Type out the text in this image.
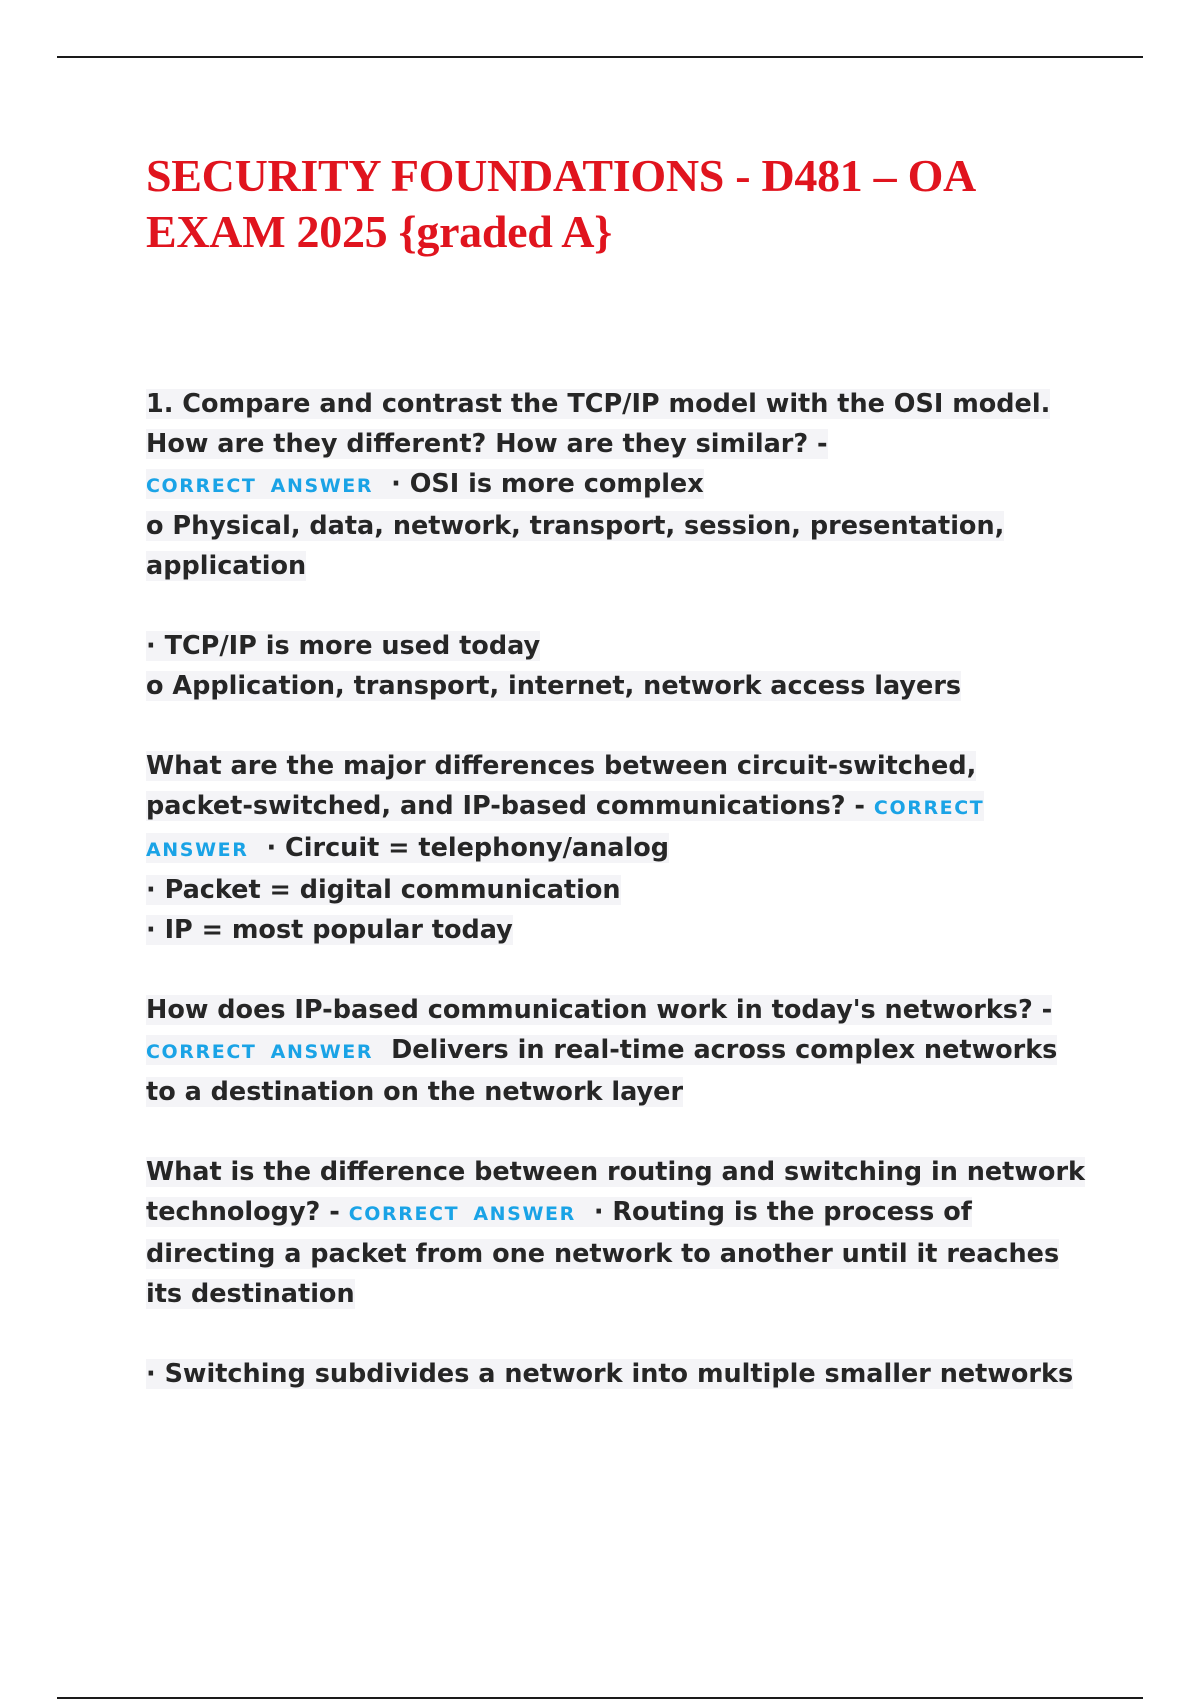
SECURITY FOUNDATIONS - D481 – OA
EXAM 2025 {graded A}

1. Compare and contrast the TCP/IP model with the OSI model. How are they different? How are they similar? -
CORRECT ANSWER · OSI is more complex
o Physical, data, network, transport, session, presentation, application

· TCP/IP is more used today
o Application, transport, internet, network access layers

What are the major differences between circuit-switched, packet-switched, and IP-based communications? - CORRECT ANSWER · Circuit = telephony/analog
· Packet = digital communication
· IP = most popular today

How does IP-based communication work in today's networks? - CORRECT ANSWER Delivers in real-time across complex networks to a destination on the network layer

What is the difference between routing and switching in network technology? - CORRECT ANSWER · Routing is the process of directing a packet from one network to another until it reaches its destination

· Switching subdivides a network into multiple smaller networks
